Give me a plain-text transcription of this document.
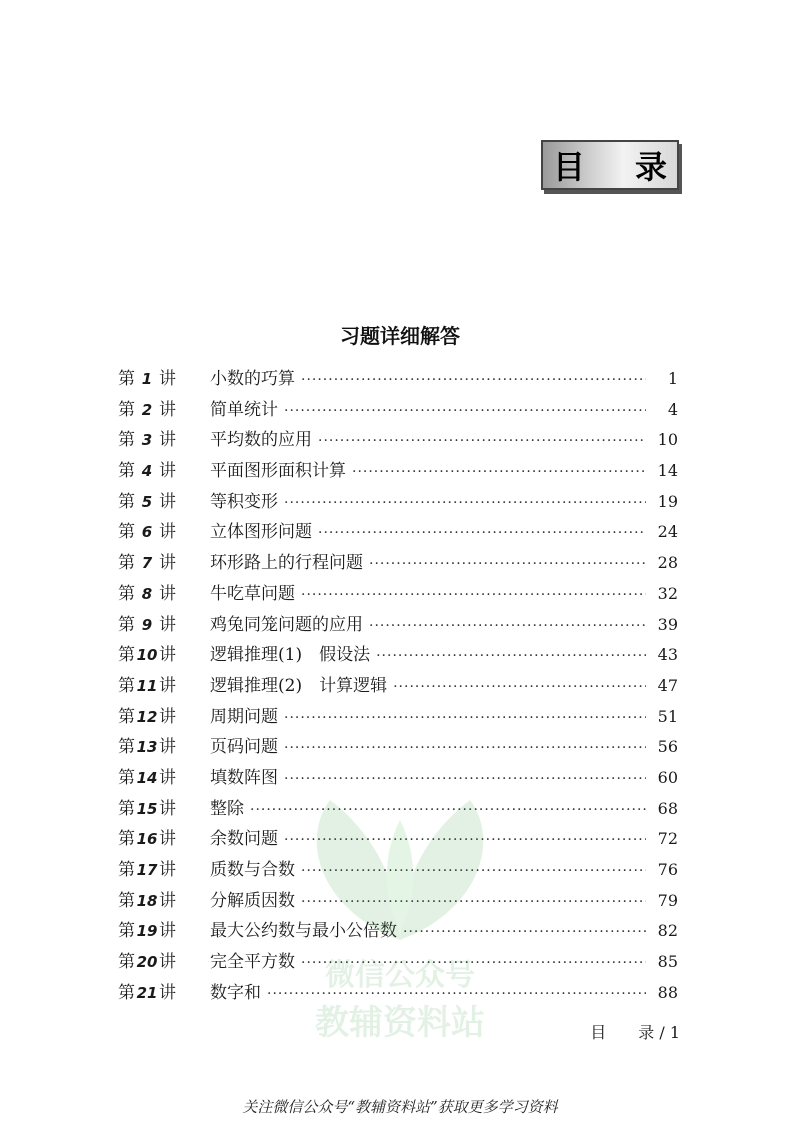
目 录
习题详细解答
第 1 讲 小数的巧算 ·····	1
第 2 讲 简单统计 ·····	4
第 3 讲 平均数的应用 ·····	10
第 4 讲 平面图形面积计算 ·····	14
第 5 讲 等积变形 ·····	19
第 6 讲 立体图形问题 ·····	24
第 7 讲 环形路上的行程问题 ·····	28
第 8 讲 牛吃草问题 ·····	32
第 9 讲 鸡兔同笼问题的应用 ·····	39
第 10 讲 逻辑推理(1)　假设法 ·····	43
第 11 讲 逻辑推理(2)　计算逻辑 ·····	47
第 12 讲 周期问题 ·····	51
第 13 讲 页码问题 ·····	56
第 14 讲 填数阵图 ·····	60
第 15 讲 整除 ·····	68
第 16 讲 余数问题 ·····	72
第 17 讲 质数与合数 ·····	76
第 18 讲 分解质因数 ·····	79
第 19 讲 最大公约数与最小公倍数 ·····	82
第 20 讲 完全平方数 ·····	85
第 21 讲 数字和 ·····	88
微信公众号
教辅资料站	目　　录 / 1
关注微信公众号“教辅资料站”获取更多学习资料
